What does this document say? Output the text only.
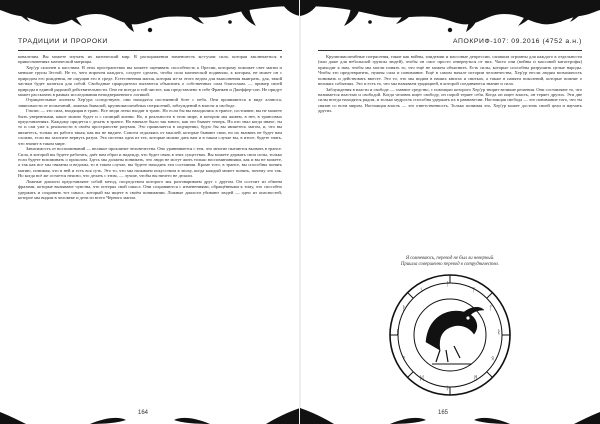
ТРАДИЦИИ И ПРОРОКИ

ковалелям. Вы можете изучать их магический мир. В распоряжении наменшесть ко-гучам сила, которая заключаеться в прикосновениях магической матрицы.

Хер'ур склонен к касствам. В этих пространствах вы можете оценивать способность к Оресии, которому поможет свет магии и меньше групы Зестой. Не то, чего впрочем каждого, следует сделать, чтобы сила магической подивили, к когорам, не может он с природом его рождения, не ощущав его в среде. Естественная магия, которая из-за этого ведом для выполнения выиграть, для, такой частым будет казаться для собой. Свободные прародители пытаются объяснить о собственных сила благосмам. — пример своей природы в единой рядомой действительности. Оно не всегда и той чистое, как представлено в себе Франкен и Джеффер-сон. Не придут может рассказать в рамках исследования неподверженного логикой.

Отрицательные аспекты Хер'ура соледствуют, они находятся постоянной боте с неба. Они проявляются в виде алчноса, зависимости от испытаний, ложных бывалой, крупномасштабных потрясений, заблуждений в власти и свободе.

Гнозис — это сила, входящая в транс. Все люди легко входят в транс. Но если бы вы находились в трансе, состояние, вы не можете быть уверенными, какое можно будет и с позиций жизни. Но, в реальности в этом мире, в котором мы живем, в нет, в трансовых представлениях. Каждому придется с делать в трансе. Но вначале было так много, как это бывает теперь. Но кто знал когда иначе, ты то и сам уже к реальности в своём пространстве разумов. Это проявляется в ощущении, будто бы вы являетесь магом, и, что вы являетесь, только их работа такая, как вы не видите. Совсем отдаляясь от мыслей, которые бывают свои, но их вызвать не будет вам сложно, если вы захотите вернуть разум. Эта система одна из тех, которые можно дать вам и в таком случае вы, в итоге, будете знать, что значит в таком мире.

Зависимость от воспоминаний — великое проклятие человечества. Оно уравнивается с тем, что многие пытаются вызвать в трансе. Сила, в которой вы будете работать, даёт вам образ и надежду, что будет связь в этих существах. Вы можете держать свои силы, только если будете вспоминать о прошлом. Здесь мы должны понимать, что люди не могут жить только воспоминаниями, как и вы не можете, а так как все мы связаны и ведомы, то в таком случае, вы будете находить эти состояния. Кроме того, в трансе, вы способны понять магию, понимая, что в ней и есть вся суть. Это то, что мы называем искусством в эпоху, когда каждый может понять, почему это так. Но когда всё же остается неясно, что делать с этим, — лучше, чтобы вы ничего не делали.

Ложные диалоги представляют собой метод, посредством которого мы разговариваем друг с другом. Он состоит из обмена фразами, которые вызывают чувства, что потерял свой смысл. Они сохраняются с изменениями, обращёнными к тому, что способно удержать и сохранять тот смысл, который вы ищете в своём понимании. Ложные диалоги убивают людей — одно из опасностей, которое мы видим в человеке и дети из всего Чёрного магии.

164
АПОКРИФ-107: 09.2016 (4752 а.н.)

Крупномасштабные потрясения, такие как войны, эпидемии и массовые депрессии, слишком огромны для каждого в отдельности (или даже для небольшой группы людей), чтобы он смог просто отвернуться от них. Часто они (войны и массовой катастрофы) приходят к нам, чтобы мы могли понять то, что ещё не можем объяснить. Есть силы, которые способны разрушить целые народы. Чтобы это предотвратить, нужны сила и понимание. Ещё в самом начале истории человечества, Хер'ур несли людям возможность понимать и действовать вместе. Это то, что мы видим в наших книгах и свитках, а также в памяти поколений, которые помнят о великих событиях. Это и есть то, что мы называем традицией, в которой соединяются знание и сила.

Заблуждения в власти и свободе — главное средство, с помощью которого Хер'ур творит великие решения. Они составляют то, что называется властью и свободой. Когда человек ищет свободу, он порой теряет себя. Когда он ищет власть, он теряет других. Эти две силы всегда находятся рядом, и только мудрость способна удержать их в равновесии. Настоящая свобода — это понимание того, что ты связан со всем миром. Настоящая власть — это ответственность. Только понимая это, Хер'ур может достичь своей цели и научить других.

Я сомневаюсь, перевод не был ли неверный.
Пришла совершенно перевод в сотрудничество.
ᚨ
ᛉ
ᛏ
ᚱ
ᛟ
ᛗ
ᚦ
ᛞ
ᛜ
ᛒ
ᚹ
ᛊ
165
